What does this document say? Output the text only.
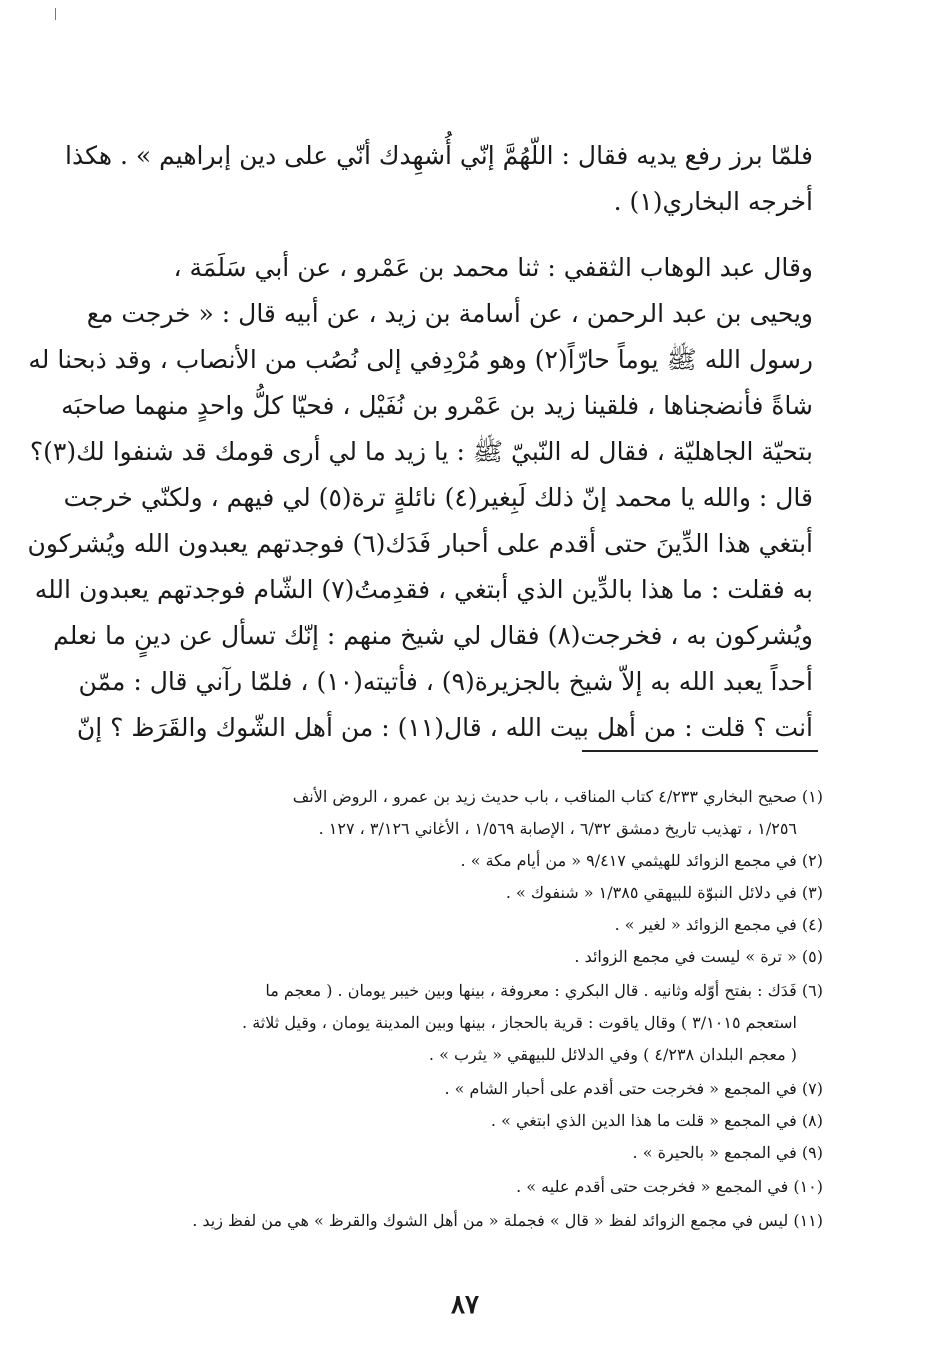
فلمّا برز رفع يديه فقال : اللّهُمَّ إنّي أُشهِدك أنّي على دين إبراهيم » . هكذا
أخرجه البخاري(١) .
وقال عبد الوهاب الثقفي : ثنا محمد بن عَمْرو ، عن أبي سَلَمَة ،
ويحيى بن عبد الرحمن ، عن أسامة بن زيد ، عن أبيه قال : « خرجت مع
رسول الله ﷺ يوماً حارّاً(٢) وهو مُرْدِفي إلى نُصُب من الأنصاب ، وقد ذبحنا له
شاةً فأنضجناها ، فلقينا زيد بن عَمْرو بن نُفَيْل ، فحيّا كلُّ واحدٍ منهما صاحبَه
بتحيّة الجاهليّة ، فقال له النّبيّ ﷺ : يا زيد ما لي أرى قومك قد شنفوا لك(٣)؟
قال : والله يا محمد إنّ ذلك لَبِغير(٤) نائلةٍ ترة(٥) لي فيهم ، ولكنّي خرجت
أبتغي هذا الدِّينَ حتى أقدم على أحبار فَدَك(٦) فوجدتهم يعبدون الله ويُشركون
به فقلت : ما هذا بالدِّين الذي أبتغي ، فقدِمتُ(٧) الشّام فوجدتهم يعبدون الله
ويُشركون به ، فخرجت(٨) فقال لي شيخ منهم : إنّك تسأل عن دينٍ ما نعلم
أحداً يعبد الله به إلاّ شيخ بالجزيرة(٩) ، فأتيته(١٠) ، فلمّا رآني قال : ممّن
أنت ؟ قلت : من أهل بيت الله ، قال(١١) : من أهل الشّوك والقَرَظ ؟ إنّ
(١) صحيح البخاري ٤/٢٣٣ كتاب المناقب ، باب حديث زيد بن عمرو ، الروض الأنف
١/٢٥٦ ، تهذيب تاريخ دمشق ٦/٣٢ ، الإصابة ١/٥٦٩ ، الأغاني ٣/١٢٦ ، ١٢٧ .
(٢) في مجمع الزوائد للهيثمي ٩/٤١٧ « من أيام مكة » .
(٣) في دلائل النبوّة للبيهقي ١/٣٨٥ « شنفوك » .
(٤) في مجمع الزوائد « لغير » .
(٥) « ترة » ليست في مجمع الزوائد .
(٦) فَدَك : بفتح أوّله وثانيه . قال البكري : معروفة ، بينها وبين خيبر يومان . ( معجم ما
استعجم ٣/١٠١٥ ) وقال ياقوت : قرية بالحجاز ، بينها وبين المدينة يومان ، وقيل ثلاثة .
( معجم البلدان ٤/٢٣٨ ) وفي الدلائل للبيهقي « يثرب » .
(٧) في المجمع « فخرجت حتى أقدم على أحبار الشام » .
(٨) في المجمع « قلت ما هذا الدين الذي ابتغي » .
(٩) في المجمع « بالحيرة » .
(١٠) في المجمع « فخرجت حتى أقدم عليه » .
(١١) ليس في مجمع الزوائد لفظ « قال » فجملة « من أهل الشوك والقرظ » هي من لفظ زيد .
٨٧
